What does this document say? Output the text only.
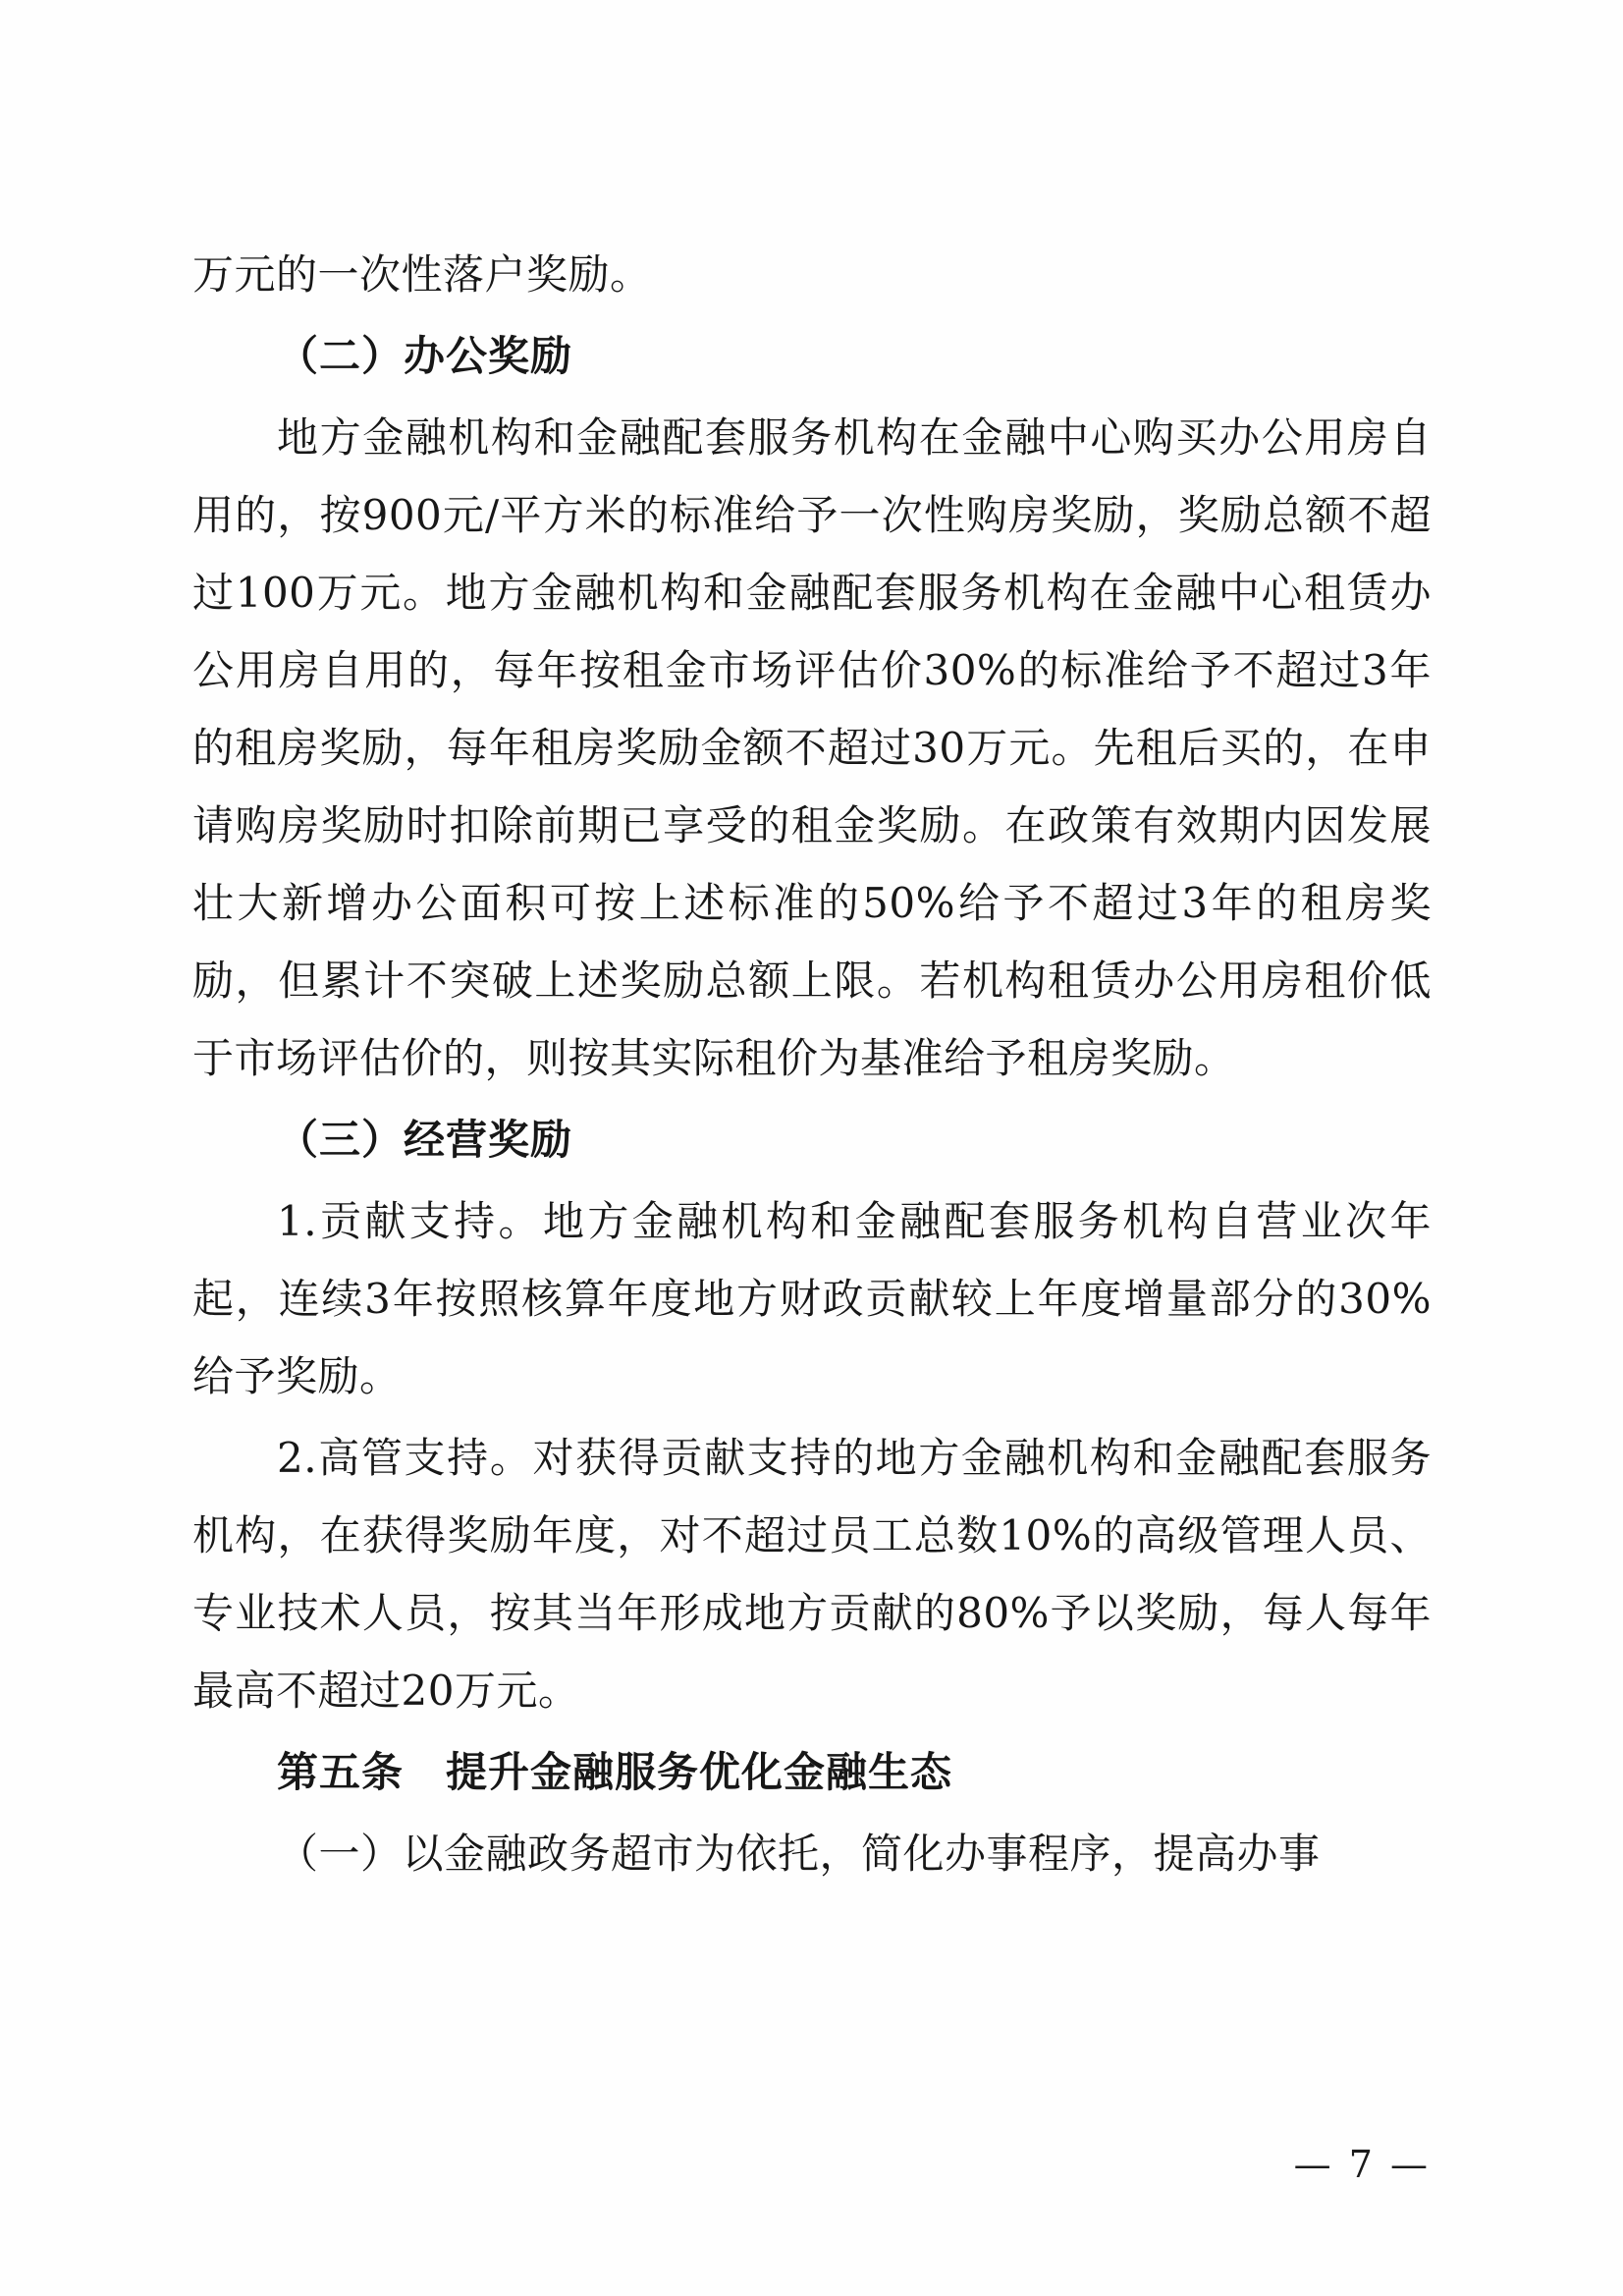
万元的一次性落户奖励。

（二）办公奖励

地方金融机构和金融配套服务机构在金融中心购买办公用房自用的，按900元/平方米的标准给予一次性购房奖励，奖励总额不超过100万元。地方金融机构和金融配套服务机构在金融中心租赁办公用房自用的，每年按租金市场评估价30%的标准给予不超过3年的租房奖励，每年租房奖励金额不超过30万元。先租后买的，在申请购房奖励时扣除前期已享受的租金奖励。在政策有效期内因发展壮大新增办公面积可按上述标准的50%给予不超过3年的租房奖励，但累计不突破上述奖励总额上限。若机构租赁办公用房租价低于市场评估价的，则按其实际租价为基准给予租房奖励。

（三）经营奖励

1.贡献支持。地方金融机构和金融配套服务机构自营业次年起，连续3年按照核算年度地方财政贡献较上年度增量部分的30%给予奖励。

2.高管支持。对获得贡献支持的地方金融机构和金融配套服务机构，在获得奖励年度，对不超过员工总数10%的高级管理人员、专业技术人员，按其当年形成地方贡献的80%予以奖励，每人每年最高不超过20万元。

第五条　提升金融服务优化金融生态

（一）以金融政务超市为依托，简化办事程序，提高办事

— 7 —
